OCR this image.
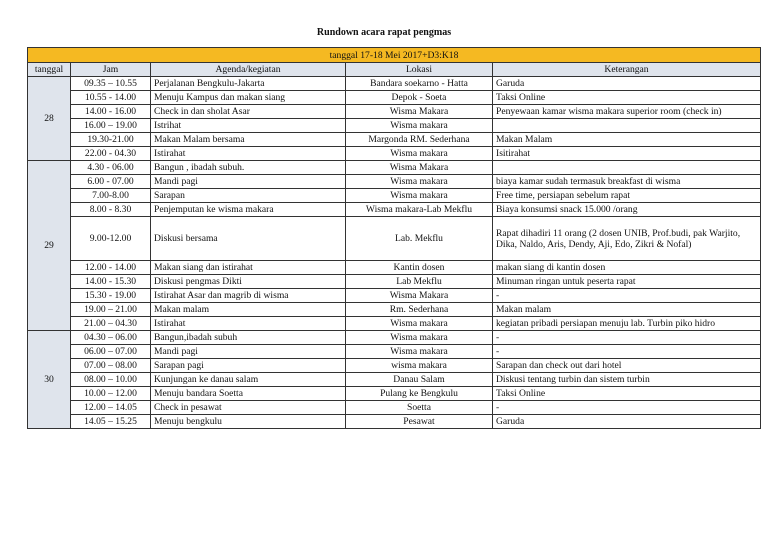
Rundown acara rapat pengmas
tanggal 17-18 Mei 2017+D3:K18				
tanggal	Jam	Agenda/kegiatan	Lokasi	Keterangan
28	09.35 – 10.55	Perjalanan Bengkulu-Jakarta	Bandara soekarno - Hatta	Garuda
	10.55 - 14.00	Menuju Kampus dan makan siang	Depok - Soeta	Taksi Online
	14.00 - 16.00	Check in dan sholat Asar	Wisma Makara	Penyewaan kamar wisma makara superior room (check in)
	16.00 – 19.00	Istrihat	Wisma makara	
	19.30-21.00	Makan Malam bersama	Margonda RM. Sederhana	Makan Malam
	22.00 - 04.30	Istirahat	Wisma makara	Isitirahat
29	4.30 - 06.00	Bangun , ibadah subuh.	Wisma Makara	
	6.00 - 07.00	Mandi pagi	Wisma makara	biaya kamar sudah termasuk breakfast di wisma
	7.00-8.00	Sarapan	Wisma makara	Free time, persiapan sebelum rapat
	8.00 - 8.30	Penjemputan ke wisma makara	Wisma makara-Lab Mekflu	Biaya konsumsi snack 15.000 /orang
	9.00-12.00	Diskusi bersama	Lab. Mekflu	Rapat dihadiri 11 orang (2 dosen UNIB, Prof.budi, pak Warjito, Dika, Naldo, Aris, Dendy, Aji, Edo, Zikri & Nofal)
	12.00 - 14.00	Makan siang dan istirahat	Kantin dosen	makan siang di kantin dosen
	14.00 - 15.30	Diskusi pengmas Dikti	Lab Mekflu	Minuman ringan untuk peserta rapat
	15.30 - 19.00	Istirahat Asar dan magrib di wisma	Wisma Makara	-
	19.00 – 21.00	Makan malam	Rm. Sederhana	Makan malam
	21.00 – 04.30	Istirahat	Wisma makara	kegiatan pribadi persiapan menuju lab. Turbin piko hidro
30	04.30 – 06.00	Bangun,ibadah subuh	Wisma makara	-
	06.00 – 07.00	Mandi pagi	Wisma makara	-
	07.00 – 08.00	Sarapan pagi	wisma makara	Sarapan dan check out dari hotel
	08.00 – 10.00	Kunjungan ke danau salam	Danau Salam	Diskusi tentang turbin dan sistem turbin
	10.00 – 12.00	Menuju bandara Soetta	Pulang ke Bengkulu	Taksi Online
	12.00 – 14.05	Check in pesawat	Soetta	-
	14.05 – 15.25	Menuju bengkulu	Pesawat	Garuda
